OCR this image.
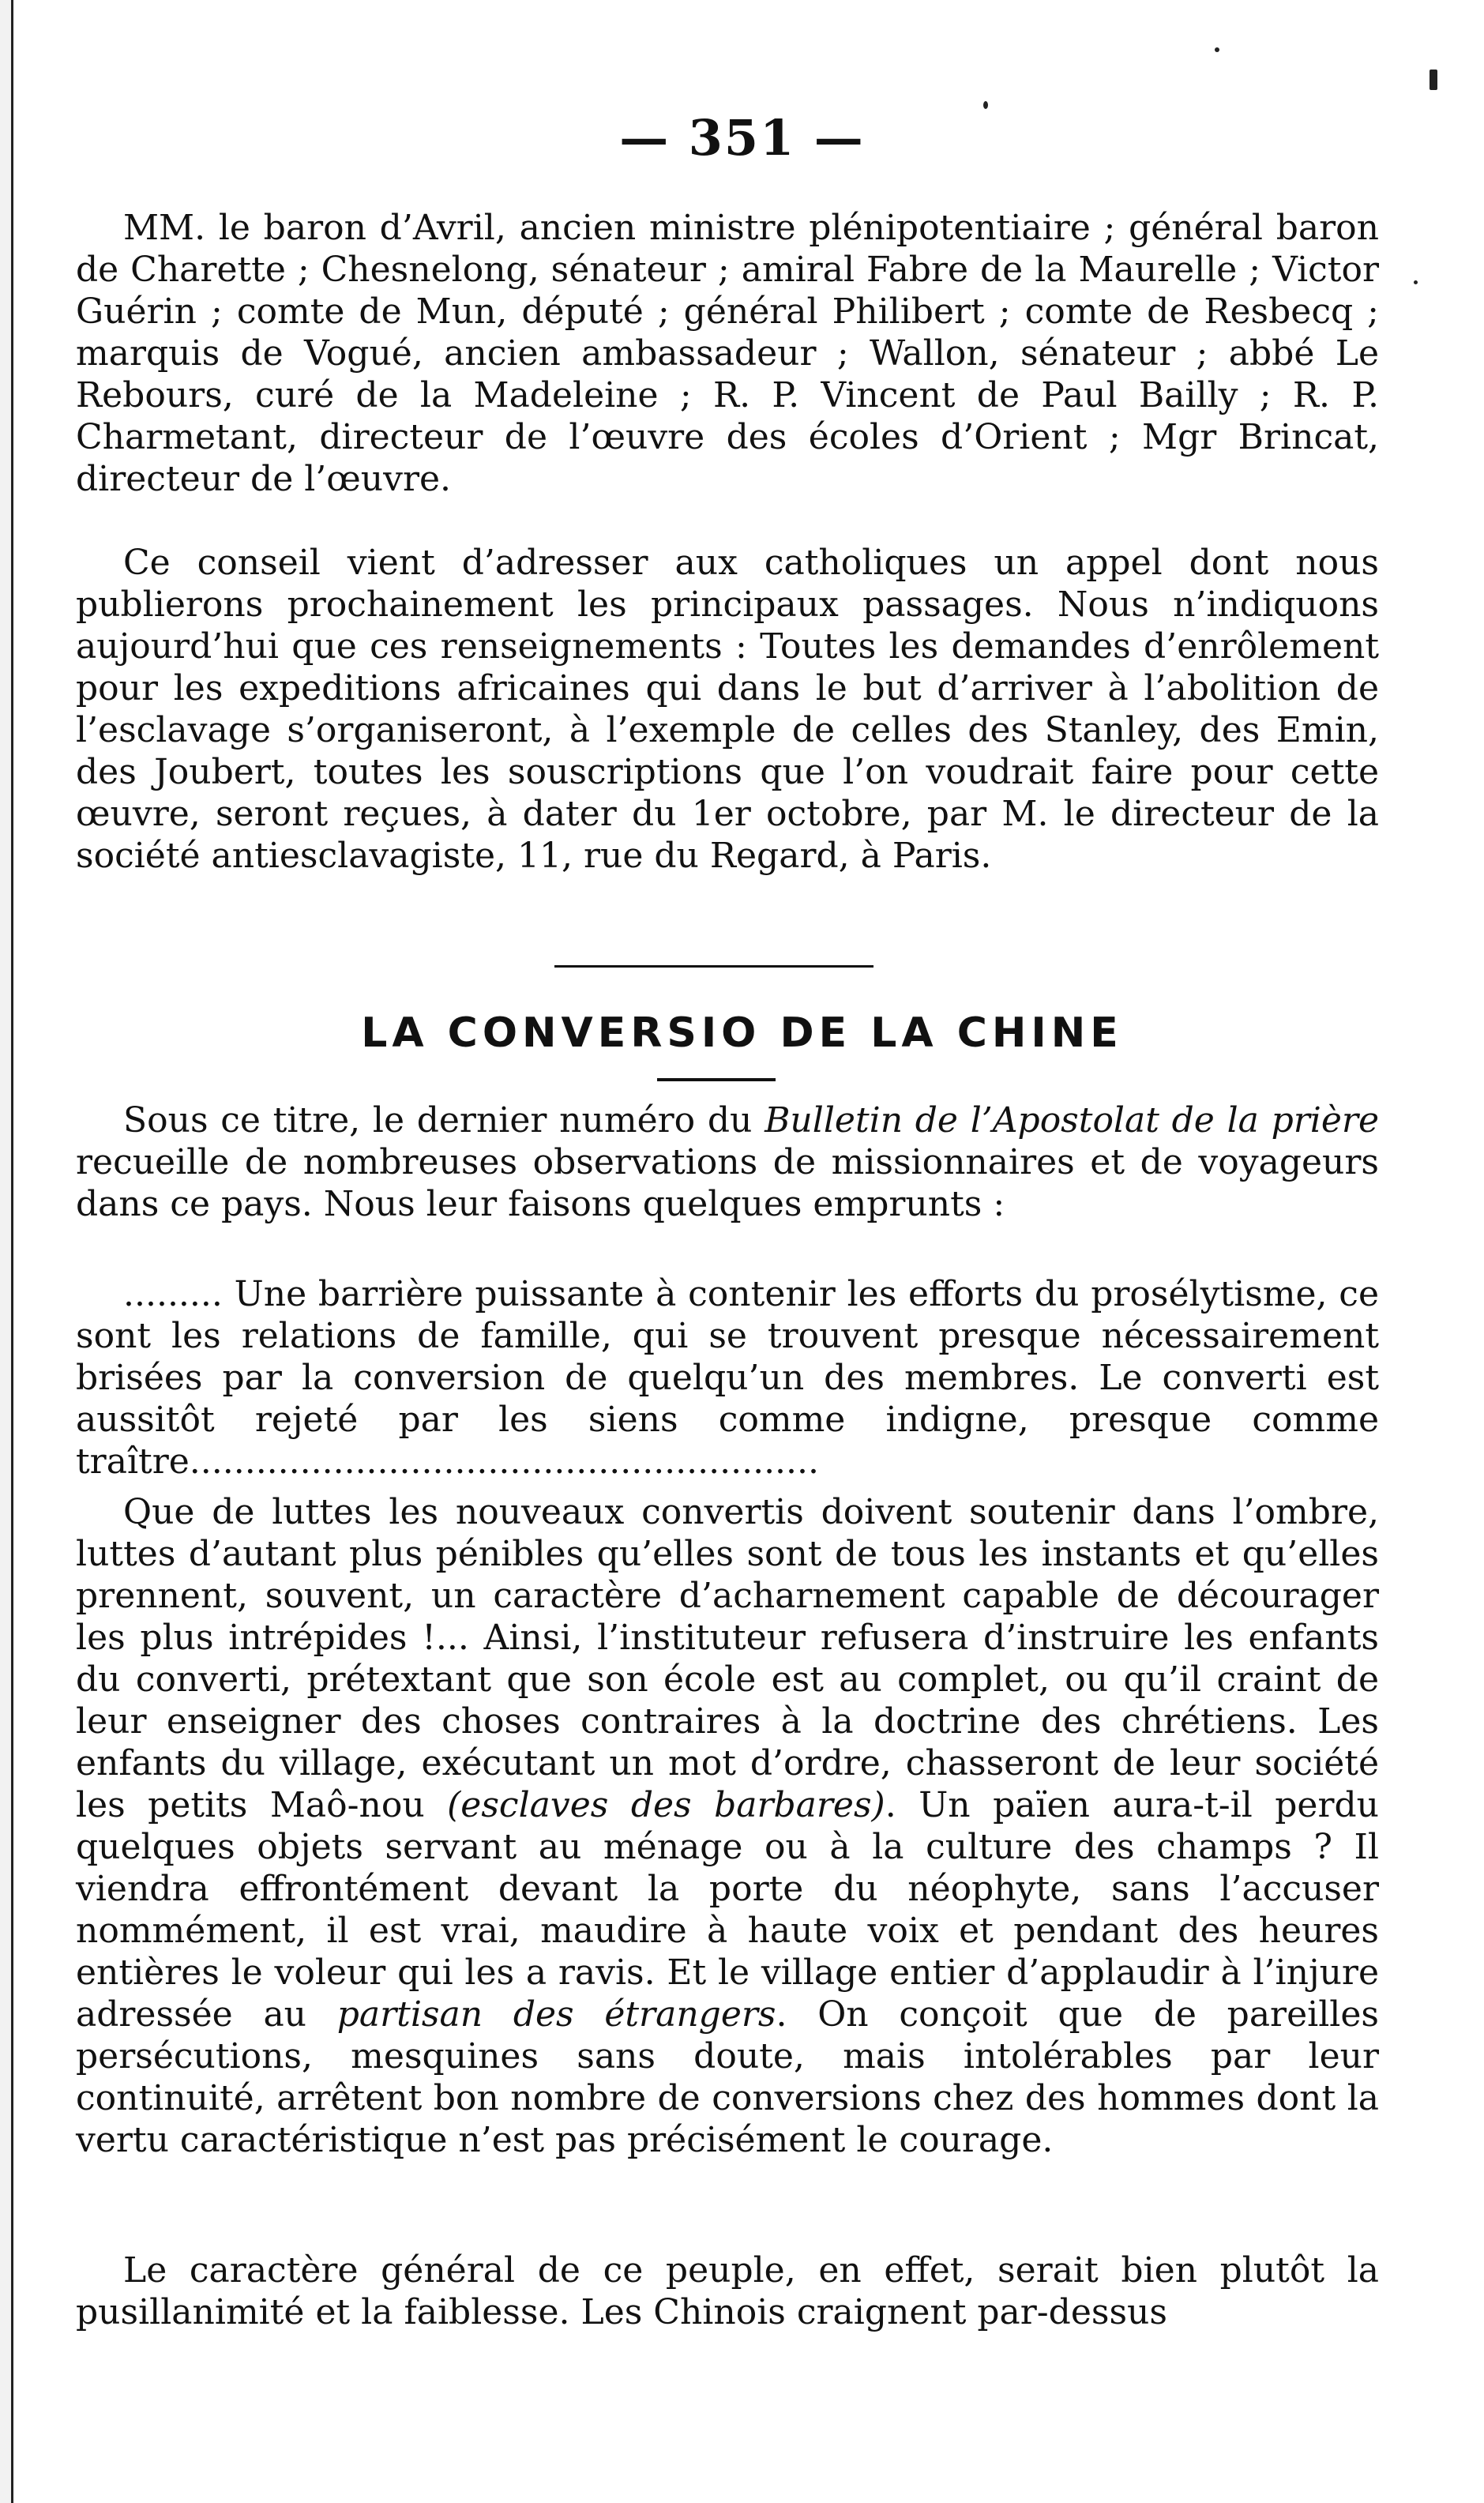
— 351 —

MM. le baron d’Avril, ancien ministre plénipotentiaire ; général baron de Charette ; Chesnelong, sénateur ; amiral Fabre de la Maurelle ; Victor Guérin ; comte de Mun, député ; général Philibert ; comte de Resbecq ; marquis de Vogué, ancien ambassadeur ; Wallon, sénateur ; abbé Le Rebours, curé de la Madeleine ; R. P. Vincent de Paul Bailly ; R. P. Charmetant, directeur de l’œuvre des écoles d’Orient ; Mgr Brincat, directeur de l’œuvre.

Ce conseil vient d’adresser aux catholiques un appel dont nous publierons prochainement les principaux passages. Nous n’indiquons aujourd’hui que ces renseignements : Toutes les demandes d’enrôlement pour les expeditions africaines qui dans le but d’arriver à l’abolition de l’esclavage s’organiseront, à l’exemple de celles des Stanley, des Emin, des Joubert, toutes les souscriptions que l’on voudrait faire pour cette œuvre, seront reçues, à dater du 1er octobre, par M. le directeur de la société antiesclavagiste, 11, rue du Regard, à Paris.

LA CONVERSIO DE LA CHINE

Sous ce titre, le dernier numéro du Bulletin de l’Apostolat de la prière recueille de nombreuses observations de missionnaires et de voyageurs dans ce pays. Nous leur faisons quelques emprunts :

......... Une barrière puissante à contenir les efforts du prosélytisme, ce sont les relations de famille, qui se trouvent presque nécessairement brisées par la conversion de quelqu’un des membres. Le converti est aussitôt rejeté par les siens comme indigne, presque comme traître.........................................................

Que de luttes les nouveaux convertis doivent soutenir dans l’ombre, luttes d’autant plus pénibles qu’elles sont de tous les instants et qu’elles prennent, souvent, un caractère d’acharnement capable de décourager les plus intrépides !... Ainsi, l’instituteur refusera d’instruire les enfants du converti, prétextant que son école est au complet, ou qu’il craint de leur enseigner des choses contraires à la doctrine des chrétiens. Les enfants du village, exécutant un mot d’ordre, chasseront de leur société les petits Maô-nou (esclaves des barbares). Un païen aura-t-il perdu quelques objets servant au ménage ou à la culture des champs ? Il viendra effrontément devant la porte du néophyte, sans l’accuser nommément, il est vrai, maudire à haute voix et pendant des heures entières le voleur qui les a ravis. Et le village entier d’applaudir à l’injure adressée au partisan des étrangers. On conçoit que de pareilles persécutions, mesquines sans doute, mais intolérables par leur continuité, arrêtent bon nombre de conversions chez des hommes dont la vertu caractéristique n’est pas précisément le courage.

Le caractère général de ce peuple, en effet, serait bien plutôt la pusillanimité et la faiblesse. Les Chinois craignent par-dessus
